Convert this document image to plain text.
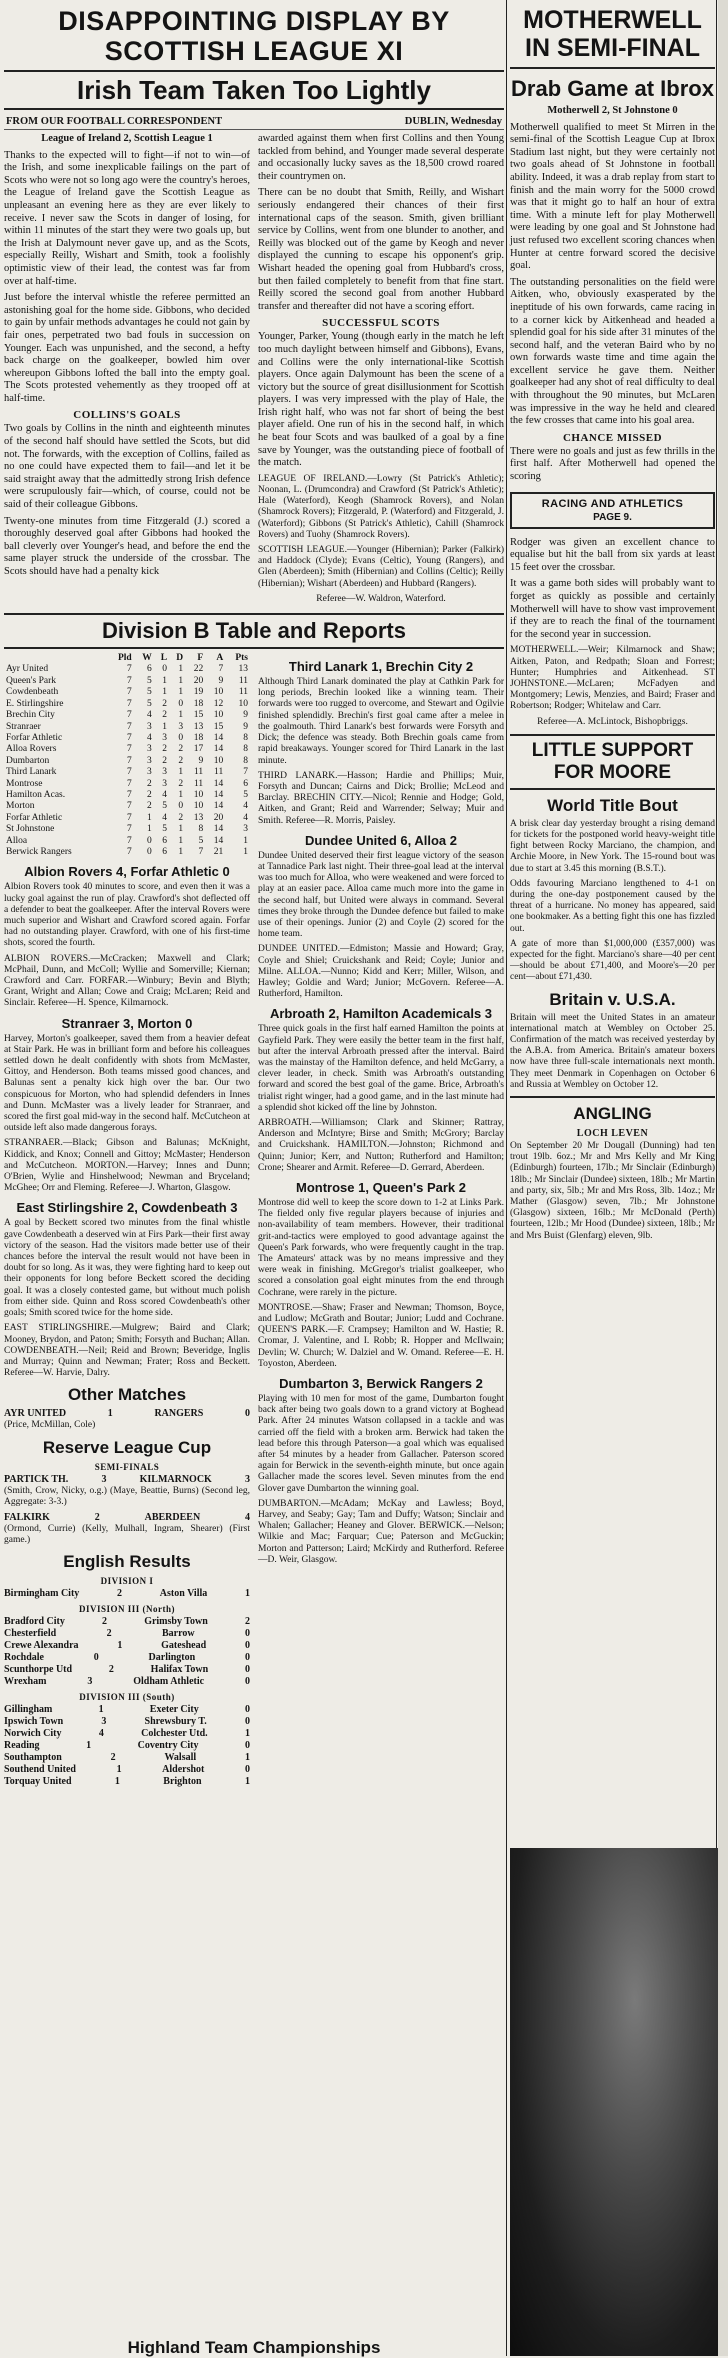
DISAPPOINTING DISPLAY BY SCOTTISH LEAGUE XI
Irish Team Taken Too Lightly
FROM OUR FOOTBALL CORRESPONDENT	DUBLIN, Wednesday

League of Ireland 2, Scottish League 1

Thanks to the expected will to fight—if not to win—of the Irish, and some inexplicable failings on the part of Scots who were not so long ago were the country's heroes, the League of Ireland gave the Scottish League as unpleasant an evening here as they are ever likely to receive. I never saw the Scots in danger of losing, for within 11 minutes of the start they were two goals up, but the Irish at Dalymount never gave up, and as the Scots, especially Reilly, Wishart and Smith, took a foolishly optimistic view of their lead, the contest was far from over at half-time.

Just before the interval whistle the referee permitted an astonishing goal for the home side. Gibbons, who decided to gain by unfair methods advantages he could not gain by fair ones, perpetrated two bad fouls in succession on Younger. Each was unpunished, and the second, a hefty back charge on the goalkeeper, bowled him over whereupon Gibbons lofted the ball into the empty goal. The Scots protested vehemently as they trooped off at half-time.

COLLINS'S GOALS

Two goals by Collins in the ninth and eighteenth minutes of the second half should have settled the Scots, but did not. The forwards, with the exception of Collins, failed as no one could have expected them to fail—and let it be said straight away that the admittedly strong Irish defence were scrupulously fair—which, of course, could not be said of their colleague Gibbons.

Twenty-one minutes from time Fitzgerald (J.) scored a thoroughly deserved goal after Gibbons had hooked the ball cleverly over Younger's head, and before the end the same player struck the underside of the crossbar. The Scots should have had a penalty kick

awarded against them when first Collins and then Young tackled from behind, and Younger made several desperate and occasionally lucky saves as the 18,500 crowd roared their countrymen on.

There can be no doubt that Smith, Reilly, and Wishart seriously endangered their chances of their first international caps of the season. Smith, given brilliant service by Collins, went from one blunder to another, and Reilly was blocked out of the game by Keogh and never displayed the cunning to escape his opponent's grip. Wishart headed the opening goal from Hubbard's cross, but then failed completely to benefit from that fine start. Reilly scored the second goal from another Hubbard transfer and thereafter did not have a scoring effort.

SUCCESSFUL SCOTS

Younger, Parker, Young (though early in the match he left too much daylight between himself and Gibbons), Evans, and Collins were the only international-like Scottish players. Once again Dalymount has been the scene of a victory but the source of great disillusionment for Scottish players. I was very impressed with the play of Hale, the Irish right half, who was not far short of being the best player afield. One run of his in the second half, in which he beat four Scots and was baulked of a goal by a fine save by Younger, was the outstanding piece of football of the match.

LEAGUE OF IRELAND.—Lowry (St Patrick's Athletic); Noonan, L. (Drumcondra) and Crawford (St Patrick's Athletic); Hale (Waterford), Keogh (Shamrock Rovers), and Nolan (Shamrock Rovers); Fitzgerald, P. (Waterford) and Fitzgerald, J. (Waterford); Gibbons (St Patrick's Athletic), Cahill (Shamrock Rovers) and Tuohy (Shamrock Rovers).

SCOTTISH LEAGUE.—Younger (Hibernian); Parker (Falkirk) and Haddock (Clyde); Evans (Celtic), Young (Rangers), and Glen (Aberdeen); Smith (Hibernian) and Collins (Celtic); Reilly (Hibernian); Wishart (Aberdeen) and Hubbard (Rangers).

Referee—W. Waldron, Waterford.

Division B Table and Reports
	Pld	W	L	D	F	A	Pts
Ayr United	7	6	0	1	22	7	13
Queen's Park	7	5	1	1	20	9	11
Cowdenbeath	7	5	1	1	19	10	11
E. Stirlingshire	7	5	2	0	18	12	10
Brechin City	7	4	2	1	15	10	9
Stranraer	7	3	1	3	13	15	9
Forfar Athletic	7	4	3	0	18	14	8
Alloa Rovers	7	3	2	2	17	14	8
Dumbarton	7	3	2	2	9	10	8
Third Lanark	7	3	3	1	11	11	7
Montrose	7	2	3	2	11	14	6
Hamilton Acas.	7	2	4	1	10	14	5
Morton	7	2	5	0	10	14	4
Forfar Athletic	7	1	4	2	13	20	4
St Johnstone	7	1	5	1	8	14	3
Alloa	7	0	6	1	5	14	1
Berwick Rangers	7	0	6	1	7	21	1
Albion Rovers 4, Forfar Athletic 0

Albion Rovers took 40 minutes to score, and even then it was a lucky goal against the run of play. Crawford's shot deflected off a defender to beat the goalkeeper. After the interval Rovers were much superior and Wishart and Crawford scored again. Forfar had no outstanding player. Crawford, with one of his first-time shots, scored the fourth.

ALBION ROVERS.—McCracken; Maxwell and Clark; McPhail, Dunn, and McColl; Wyllie and Somerville; Kiernan; Crawford and Carr. FORFAR.—Winbury; Bevin and Blyth; Grant, Wright and Allan; Cowe and Craig; McLaren; Reid and Sinclair. Referee—H. Spence, Kilmarnock.

Stranraer 3, Morton 0

Harvey, Morton's goalkeeper, saved them from a heavier defeat at Stair Park. He was in brilliant form and before his colleagues settled down he dealt confidently with shots from McMaster, Gittoy, and Henderson. Both teams missed good chances, and Balunas sent a penalty kick high over the bar. Our two conspicuous for Morton, who had splendid defenders in Innes and Dunn. McMaster was a lively leader for Stranraer, and scored the first goal mid-way in the second half. McCutcheon at outside left also made dangerous forays.

STRANRAER.—Black; Gibson and Balunas; McKnight, Kiddick, and Knox; Connell and Gittoy; McMaster; Henderson and McCutcheon. MORTON.—Harvey; Innes and Dunn; O'Brien, Wylie and Hinshelwood; Newman and Bryceland; McGhee; Orr and Fleming. Referee—J. Wharton, Glasgow.

East Stirlingshire 2, Cowdenbeath 3

A goal by Beckett scored two minutes from the final whistle gave Cowdenbeath a deserved win at Firs Park—their first away victory of the season. Had the visitors made better use of their chances before the interval the result would not have been in doubt for so long. As it was, they were fighting hard to keep out their opponents for long before Beckett scored the deciding goal. It was a closely contested game, but without much polish from either side. Quinn and Ross scored Cowdenbeath's other goals; Smith scored twice for the home side.

EAST STIRLINGSHIRE.—Mulgrew; Baird and Clark; Mooney, Brydon, and Paton; Smith; Forsyth and Buchan; Allan. COWDENBEATH.—Neil; Reid and Brown; Beveridge, Inglis and Murray; Quinn and Newman; Frater; Ross and Beckett. Referee—W. Harvie, Dalry.

Other Matches
AYR UNITED	1	RANGERS	0

(Price, McMillan, Cole)

Reserve League Cup
SEMI-FINALS
PARTICK TH.	3	KILMARNOCK	3

(Smith, Crow, Nicky, o.g.) (Maye, Beattie, Burns) (Second leg, Aggregate: 3-3.)

FALKIRK	2	ABERDEEN	4

(Ormond, Currie) (Kelly, Mulhall, Ingram, Shearer) (First game.)

English Results
DIVISION I
Birmingham City	2	Aston Villa	1
DIVISION III (North)
Bradford City	2	Grimsby Town	2
Chesterfield	2	Barrow	0
Crewe Alexandra	1	Gateshead	0
Rochdale	0	Darlington	0
Scunthorpe Utd	2	Halifax Town	0
Wrexham	3	Oldham Athletic	0
DIVISION III (South)
Gillingham	1	Exeter City	0
Ipswich Town	3	Shrewsbury T.	0
Norwich City	4	Colchester Utd.	1
Reading	1	Coventry City	0
Southampton	2	Walsall	1
Southend United	1	Aldershot	0
Torquay United	1	Brighton	1
Third Lanark 1, Brechin City 2

Although Third Lanark dominated the play at Cathkin Park for long periods, Brechin looked like a winning team. Their forwards were too rugged to overcome, and Stewart and Ogilvie finished splendidly. Brechin's first goal came after a melee in the goalmouth. Third Lanark's best forwards were Forsyth and Dick; the defence was steady. Both Brechin goals came from rapid breakaways. Younger scored for Third Lanark in the last minute.

THIRD LANARK.—Hasson; Hardie and Phillips; Muir, Forsyth and Duncan; Cairns and Dick; Brollie; McLeod and Barclay. BRECHIN CITY.—Nicol; Rennie and Hodge; Gold, Aitken, and Grant; Reid and Warrender; Selway; Muir and Smith. Referee—R. Morris, Paisley.

Dundee United 6, Alloa 2

Dundee United deserved their first league victory of the season at Tannadice Park last night. Their three-goal lead at the interval was too much for Alloa, who were weakened and were forced to play at an easier pace. Alloa came much more into the game in the second half, but United were always in command. Several times they broke through the Dundee defence but failed to make use of their openings. Junior (2) and Coyle (2) scored for the home team.

DUNDEE UNITED.—Edmiston; Massie and Howard; Gray, Coyle and Shiel; Cruickshank and Reid; Coyle; Junior and Milne. ALLOA.—Nunno; Kidd and Kerr; Miller, Wilson, and Hawley; Goldie and Ward; Junior; McGovern. Referee—A. Rutherford, Hamilton.

Arbroath 2, Hamilton Academicals 3

Three quick goals in the first half earned Hamilton the points at Gayfield Park. They were easily the better team in the first half, but after the interval Arbroath pressed after the interval. Baird was the mainstay of the Hamilton defence, and held McGarry, a clever leader, in check. Smith was Arbroath's outstanding forward and scored the best goal of the game. Brice, Arbroath's trialist right winger, had a good game, and in the last minute had a splendid shot kicked off the line by Johnston.

ARBROATH.—Williamson; Clark and Skinner; Rattray, Anderson and McIntyre; Birse and Smith; McGrory; Barclay and Cruickshank. HAMILTON.—Johnston; Richmond and Quinn; Junior; Kerr, and Nutton; Rutherford and Hamilton; Crone; Shearer and Armit. Referee—D. Gerrard, Aberdeen.

Montrose 1, Queen's Park 2

Montrose did well to keep the score down to 1-2 at Links Park. The fielded only five regular players because of injuries and non-availability of team members. However, their traditional grit-and-tactics were employed to good advantage against the Queen's Park forwards, who were frequently caught in the trap. The Amateurs' attack was by no means impressive and they were weak in finishing. McGregor's trialist goalkeeper, who scored a consolation goal eight minutes from the end through Cochrane, were rarely in the picture.

MONTROSE.—Shaw; Fraser and Newman; Thomson, Boyce, and Ludlow; McGrath and Boutar; Junior; Ludd and Cochrane. QUEEN'S PARK.—F. Crampsey; Hamilton and W. Hastie; R. Cromar, J. Valentine, and I. Robb; R. Hopper and McIlwain; Devlin; W. Church; W. Dalziel and W. Omand. Referee—E. H. Toyoston, Aberdeen.

Dumbarton 3, Berwick Rangers 2

Playing with 10 men for most of the game, Dumbarton fought back after being two goals down to a grand victory at Boghead Park. After 24 minutes Watson collapsed in a tackle and was carried off the field with a broken arm. Berwick had taken the lead before this through Paterson—a goal which was equalised after 54 minutes by a header from Gallacher. Paterson scored again for Berwick in the seventh-eighth minute, but once again Gallacher made the scores level. Seven minutes from the end Glover gave Dumbarton the winning goal.

DUMBARTON.—McAdam; McKay and Lawless; Boyd, Harvey, and Seaby; Gay; Tam and Duffy; Watson; Sinclair and Whalen; Gallacher; Heaney and Glover. BERWICK.—Nelson; Wilkie and Mac; Farquar; Cue; Paterson and McGuckin; Morton and Patterson; Laird; McKirdy and Rutherford. Referee—D. Weir, Glasgow.

MOTHERWELL IN SEMI-FINAL
Drab Game at Ibrox

Motherwell 2, St Johnstone 0

Motherwell qualified to meet St Mirren in the semi-final of the Scottish League Cup at Ibrox Stadium last night, but they were certainly not two goals ahead of St Johnstone in football ability. Indeed, it was a drab replay from start to finish and the main worry for the 5000 crowd was that it might go to half an hour of extra time. With a minute left for play Motherwell were leading by one goal and St Johnstone had just refused two excellent scoring chances when Hunter at centre forward scored the decisive goal.

The outstanding personalities on the field were Aitken, who, obviously exasperated by the ineptitude of his own forwards, came racing in to a corner kick by Aitkenhead and headed a splendid goal for his side after 31 minutes of the second half, and the veteran Baird who by no own forwards waste time and time again the excellent service he gave them. Neither goalkeeper had any shot of real difficulty to deal with throughout the 90 minutes, but McLaren was impressive in the way he held and cleared the few crosses that came into his goal area.

CHANCE MISSED

There were no goals and just as few thrills in the first half. After Motherwell had opened the scoring

RACING AND ATHLETICS
PAGE 9.

Rodger was given an excellent chance to equalise but hit the ball from six yards at least 15 feet over the crossbar.

It was a game both sides will probably want to forget as quickly as possible and certainly Motherwell will have to show vast improvement if they are to reach the final of the tournament for the second year in succession.

MOTHERWELL.—Weir; Kilmarnock and Shaw; Aitken, Paton, and Redpath; Sloan and Forrest; Hunter; Humphries and Aitkenhead. ST JOHNSTONE.—McLaren; McFadyen and Montgomery; Lewis, Menzies, and Baird; Fraser and Robertson; Rodger; Whitelaw and Carr.

Referee—A. McLintock, Bishopbriggs.

LITTLE SUPPORT FOR MOORE
World Title Bout

A brisk clear day yesterday brought a rising demand for tickets for the postponed world heavy-weight title fight between Rocky Marciano, the champion, and Archie Moore, in New York. The 15-round bout was due to start at 3.45 this morning (B.S.T.).

Odds favouring Marciano lengthened to 4-1 on during the one-day postponement caused by the threat of a hurricane. No money has appeared, said one bookmaker. As a betting fight this one has fizzled out.

A gate of more than $1,000,000 (£357,000) was expected for the fight. Marciano's share—40 per cent—should be about £71,400, and Moore's—20 per cent—about £71,430.

Britain v. U.S.A.

Britain will meet the United States in an amateur international match at Wembley on October 25. Confirmation of the match was received yesterday by the A.B.A. from America. Britain's amateur boxers now have three full-scale internationals next month. They meet Denmark in Copenhagen on October 6 and Russia at Wembley on October 12.

ANGLING
LOCH LEVEN

On September 20 Mr Dougall (Dunning) had ten trout 19lb. 6oz.; Mr and Mrs Kelly and Mr King (Edinburgh) fourteen, 17lb.; Mr Sinclair (Edinburgh) 18lb.; Mr Sinclair (Dundee) sixteen, 18lb.; Mr Martin and party, six, 5lb.; Mr and Mrs Ross, 3lb. 14oz.; Mr Mather (Glasgow) seven, 7lb.; Mr Johnstone (Glasgow) sixteen, 16lb.; Mr McDonald (Perth) fourteen, 12lb.; Mr Hood (Dundee) sixteen, 18lb.; Mr and Mrs Buist (Glenfarg) eleven, 9lb.

Highland Team Championships
